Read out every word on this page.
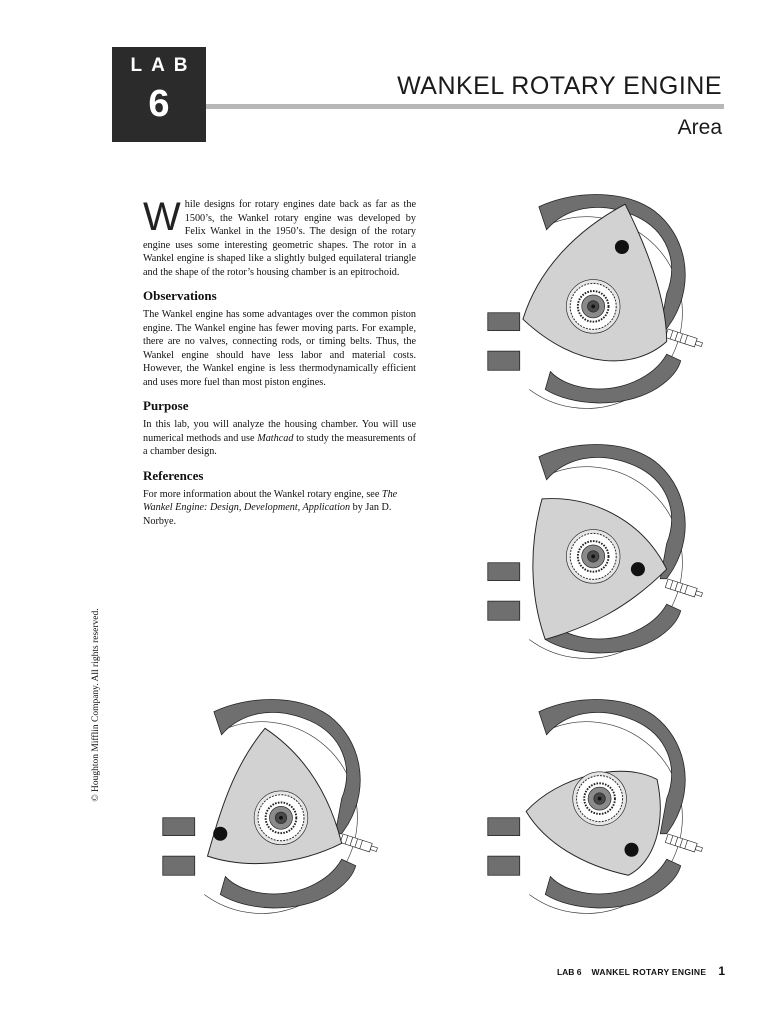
LAB
6	WANKEL ROTARY ENGINE
Area

While designs for rotary engines date back as far as the 1500’s, the Wankel rotary engine was developed by Felix Wankel in the 1950’s. The design of the rotary engine uses some interesting geometric shapes. The rotor in a Wankel engine is shaped like a slightly bulged equilateral triangle and the shape of the rotor’s housing chamber is an epitrochoid.

Observations

The Wankel engine has some advantages over the common piston engine. The Wankel engine has fewer moving parts. For example, there are no valves, connecting rods, or timing belts. Thus, the Wankel engine should have less labor and material costs. However, the Wankel engine is less thermodynamically efficient and uses more fuel than most piston engines.

Purpose

In this lab, you will analyze the housing chamber. You will use numerical methods and use Mathcad to study the measurements of a chamber design.

References

For more information about the Wankel rotary engine, see The Wankel Engine: Design, Development, Application by Jan D. Norbye.

© Houghton Mifflin Company. All rights reserved.
LAB 6 WANKEL ROTARY ENGINE 1
